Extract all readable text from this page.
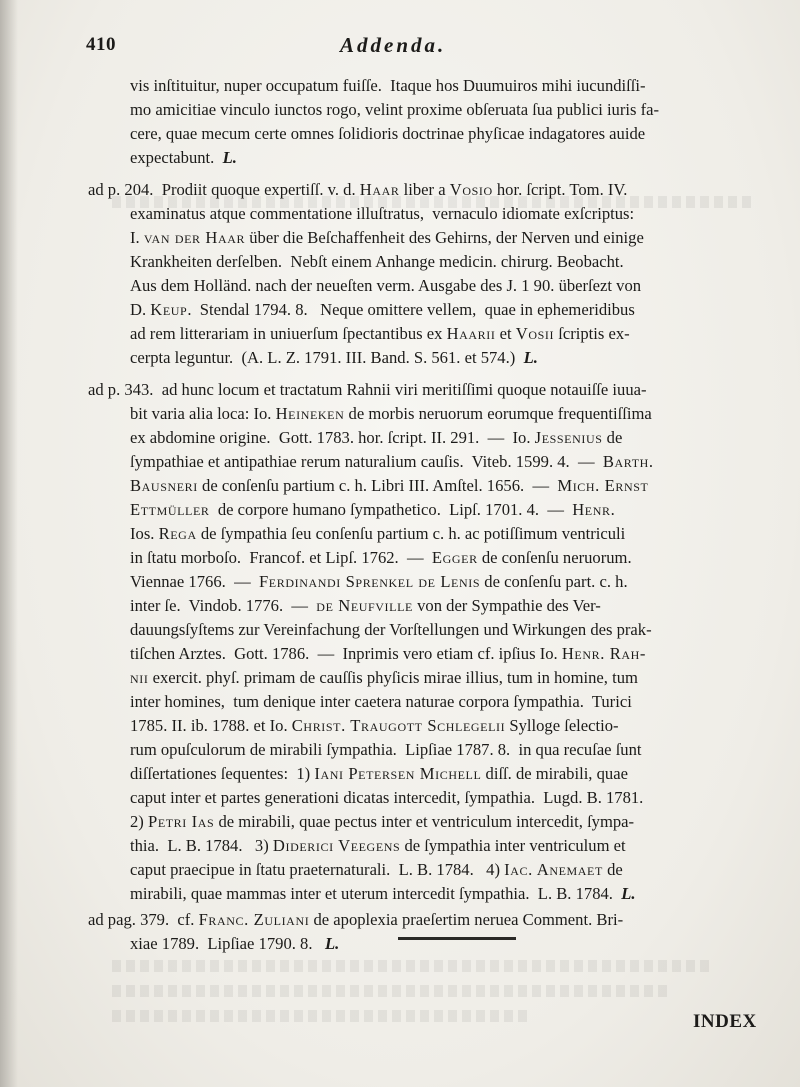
410	Addenda.
vis inſtituitur, nuper occupatum fuiſſe.  Itaque hos Duumuiros mihi iucundiſſi-
mo amicitiae vinculo iunctos rogo, velint proxime obſeruata ſua publici iuris fa-
cere, quae mecum certe omnes ſolidioris doctrinae phyſicae indagatores auide
expectabunt.  L.
ad p. 204.  Prodiit quoque expertiſſ. v. d. Haar liber a Vosio hor. ſcript. Tom. IV.
examinatus atque commentatione illuſtratus,  vernaculo idiomate exſcriptus:
I. van der Haar über die Beſchaffenheit des Gehirns, der Nerven und einige
Krankheiten derſelben.  Nebſt einem Anhange medicin. chirurg. Beobacht.
Aus dem Holländ. nach der neueſten verm. Ausgabe des J. 1 90. überſezt von
D. Keup.  Stendal 1794. 8.   Neque omittere vellem,  quae in ephemeridibus
ad rem litterariam in uniuerſum ſpectantibus ex Haarii et Vosii ſcriptis ex-
cerpta leguntur.  (A. L. Z. 1791. III. Band. S. 561. et 574.)  L.
ad p. 343.  ad hunc locum et tractatum Rahnii viri meritiſſimi quoque notauiſſe iuua-
bit varia alia loca: Io. Heineken de morbis neruorum eorumque frequentiſſima
ex abdomine origine.  Gott. 1783. hor. ſcript. II. 291.  —  Io. Jessenius de
ſympathiae et antipathiae rerum naturalium cauſis.  Viteb. 1599. 4.  —  Barth.
Bausneri de conſenſu partium c. h. Libri III. Amſtel. 1656.  —  Mich. Ernst
Ettmüller  de corpore humano ſympathetico.  Lipſ. 1701. 4.  —  Henr.
Ios. Rega de ſympathia ſeu conſenſu partium c. h. ac potiſſimum ventriculi
in ſtatu morboſo.  Francof. et Lipſ. 1762.  —  Egger de conſenſu neruorum.
Viennae 1766.  —  Ferdinandi Sprenkel de Lenis de conſenſu part. c. h.
inter ſe.  Vindob. 1776.  —  de Neufville von der Sympathie des Ver-
dauungsſyſtems zur Vereinfachung der Vorſtellungen und Wirkungen des prak-
tiſchen Arztes.  Gott. 1786.  —  Inprimis vero etiam cf. ipſius Io. Henr. Rah-
nii exercit. phyſ. primam de cauſſis phyſicis mirae illius, tum in homine, tum
inter homines,  tum denique inter caetera naturae corpora ſympathia.  Turici
1785. II. ib. 1788. et Io. Christ. Traugott Schlegelii Sylloge ſelectio-
rum opuſculorum de mirabili ſympathia.  Lipſiae 1787. 8.  in qua recuſae ſunt
diſſertationes ſequentes:  1) Iani Petersen Michell diſſ. de mirabili, quae
caput inter et partes generationi dicatas intercedit, ſympathia.  Lugd. B. 1781.
2) Petri Ias de mirabili, quae pectus inter et ventriculum intercedit, ſympa-
thia.  L. B. 1784.   3) Diderici Veegens de ſympathia inter ventriculum et
caput praecipue in ſtatu praeternaturali.  L. B. 1784.   4) Iac. Anemaet de
mirabili, quae mammas inter et uterum intercedit ſympathia.  L. B. 1784.  L.
ad pag. 379.  cf. Franc. Zuliani de apoplexia praeſertim neruea Comment. Bri-
xiae 1789.  Lipſiae 1790. 8.   L.
INDEX
